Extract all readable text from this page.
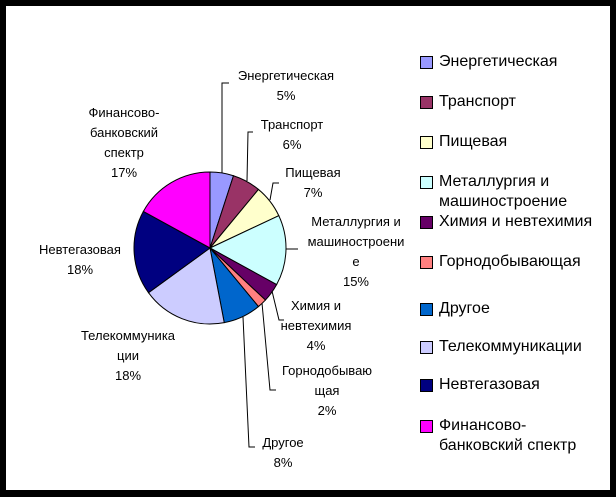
Энергетическая
5%
Транспорт
6%
Пищевая
7%
Металлургия и
машиностроени
е
15%
Химия и
невтехимия
4%
Горнодобываю
щая
2%
Другое
8%
Телекоммуника
ции
18%
Невтегазовая
18%
Финансово-
банковский
спектр
17%
Энергетическая
Транспорт
Пищевая
Металлургия и машиностроение
Химия и невтехимия
Горнодобывающая
Другое
Телекоммуникации
Невтегазовая
Финансово-банковский спектр
